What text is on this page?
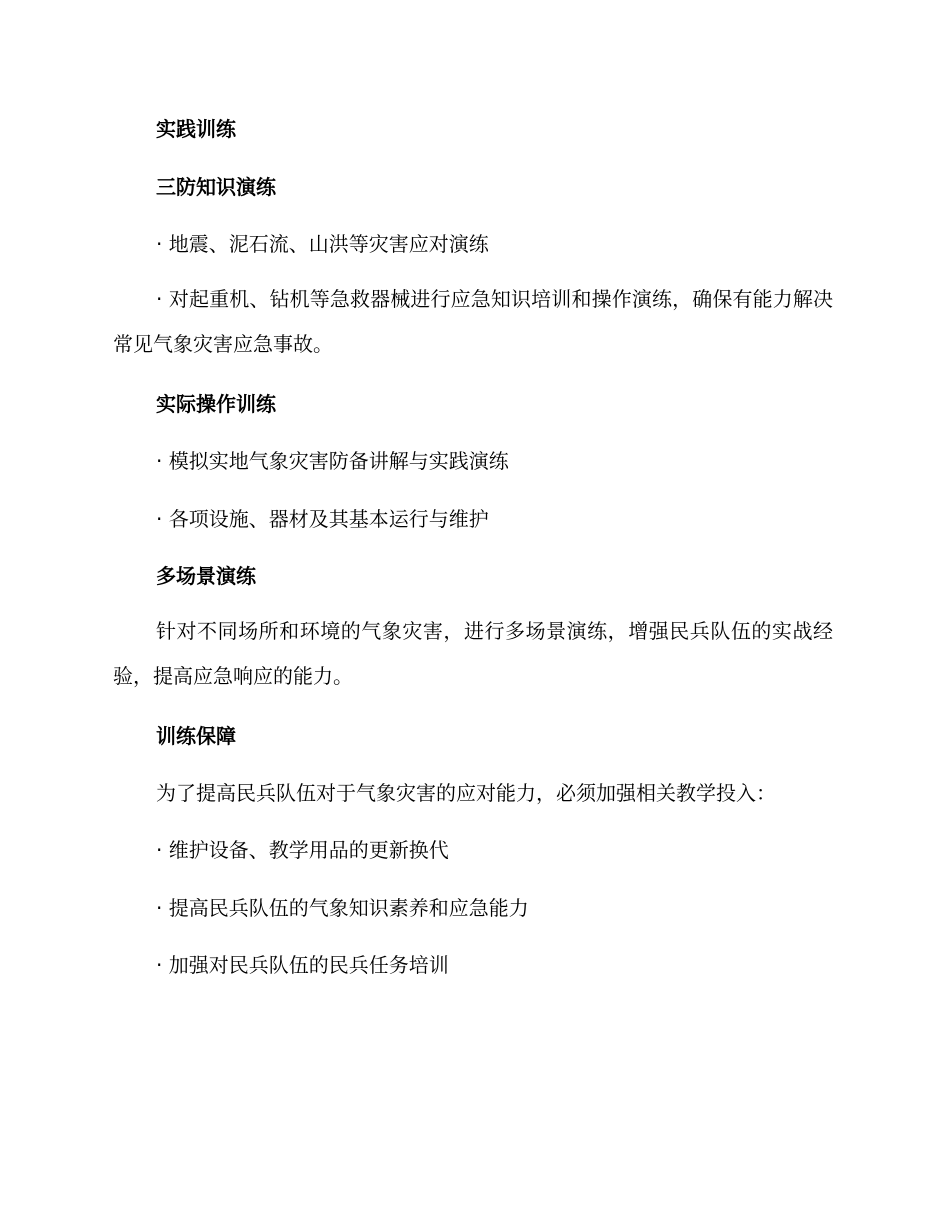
实践训练
三防知识演练
· 地震、泥石流、山洪等灾害应对演练
· 对起重机、钻机等急救器械进行应急知识培训和操作演练，确保有能力解决常见气象灾害应急事故。
实际操作训练
· 模拟实地气象灾害防备讲解与实践演练
· 各项设施、器材及其基本运行与维护
多场景演练
针对不同场所和环境的气象灾害，进行多场景演练，增强民兵队伍的实战经验，提高应急响应的能力。
训练保障
为了提高民兵队伍对于气象灾害的应对能力，必须加强相关教学投入：
· 维护设备、教学用品的更新换代
· 提高民兵队伍的气象知识素养和应急能力
· 加强对民兵队伍的民兵任务培训
